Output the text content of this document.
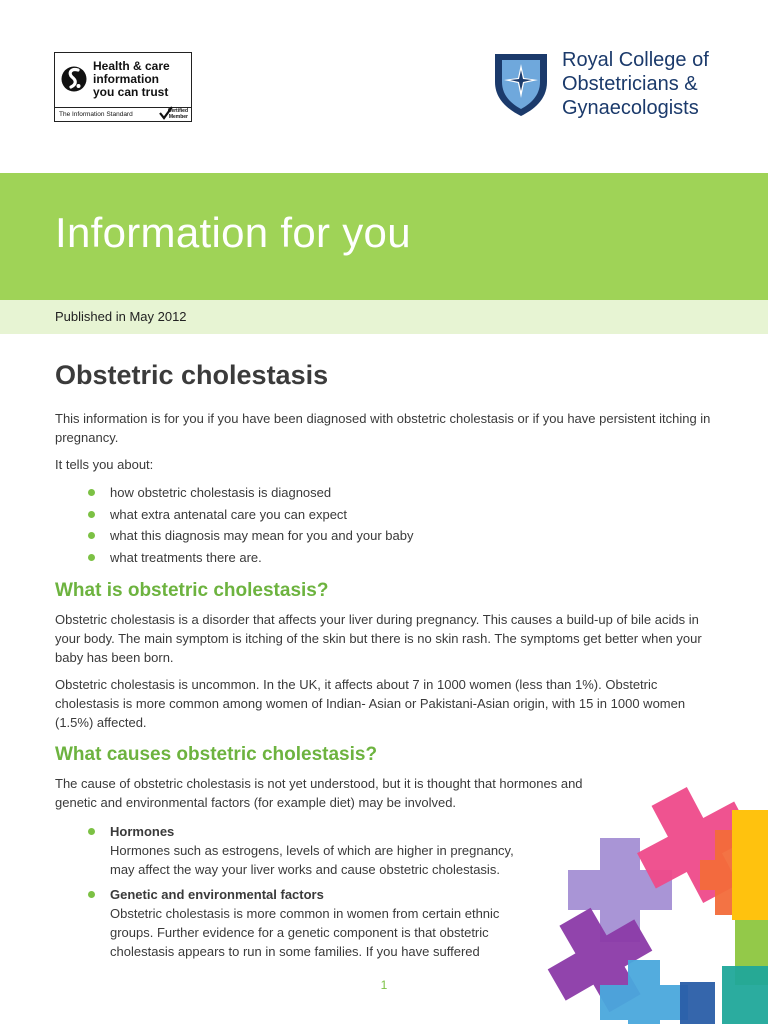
Health & care
information
you can trust
The Information Standard	Certified
Member
Royal College of
Obstetricians &
Gynaecologists
Information for you
Published in May 2012
Obstetric cholestasis

This information is for you if you have been diagnosed with obstetric cholestasis or if you have persistent itching in pregnancy.

It tells you about:

how obstetric cholestasis is diagnosed
what extra antenatal care you can expect
what this diagnosis may mean for you and your baby
what treatments there are.
What is obstetric cholestasis?

Obstetric cholestasis is a disorder that affects your liver during pregnancy. This causes a build-up of bile acids in your body. The main symptom is itching of the skin but there is no skin rash. The symptoms get better when your baby has been born.

Obstetric cholestasis is uncommon. In the UK, it affects about 7 in 1000 women (less than 1%). Obstetric cholestasis is more common among women of Indian- Asian or Pakistani-Asian origin, with 15 in 1000 women (1.5%) affected.

What causes obstetric cholestasis?

The cause of obstetric cholestasis is not yet understood, but it is thought that hormones and genetic and environmental factors (for example diet) may be involved.

Hormones
Hormones such as estrogens, levels of which are higher in pregnancy, may affect the way your liver works and cause obstetric cholestasis.
Genetic and environmental factors
Obstetric cholestasis is more common in women from certain ethnic groups. Further evidence for a genetic component is that obstetric cholestasis appears to run in some families. If you have suffered
1
